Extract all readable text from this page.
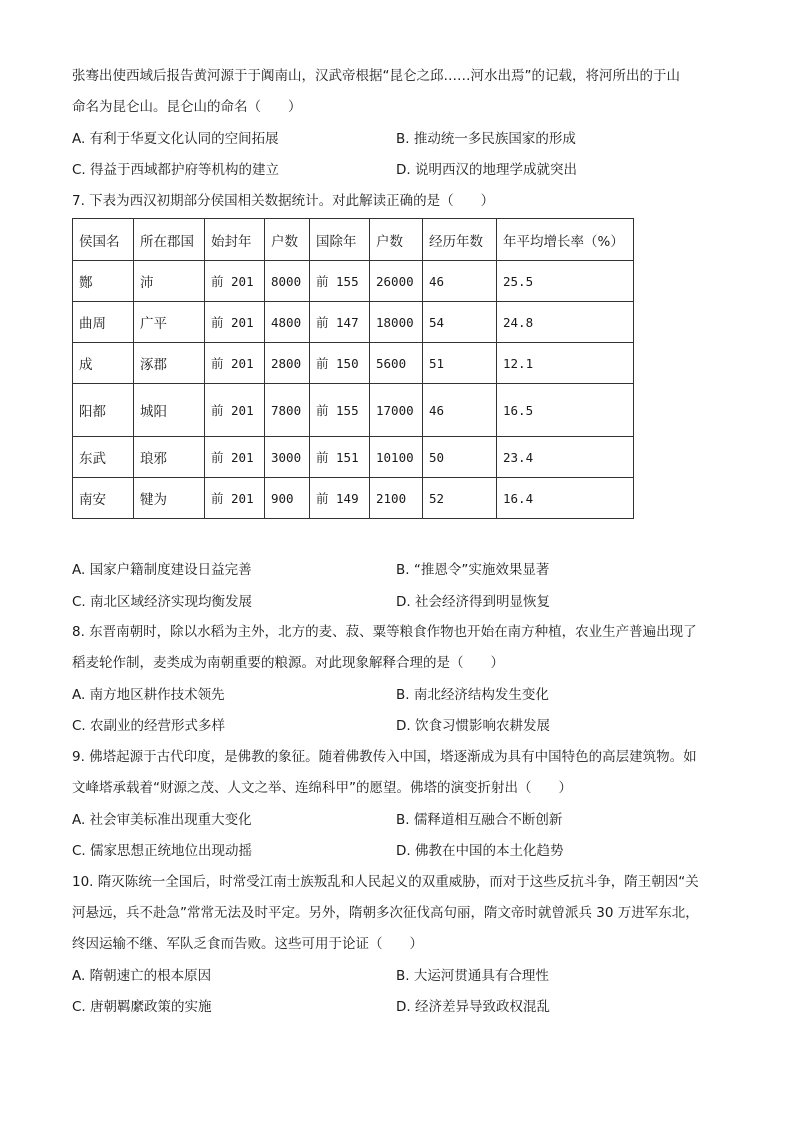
张骞出使西域后报告黄河源于于阗南山，汉武帝根据“昆仑之邱……河水出焉”的记载，将河所出的于山
命名为昆仑山。昆仑山的命名（　　）
A. 有利于华夏文化认同的空间拓展	B. 推动统一多民族国家的形成
C. 得益于西域都护府等机构的建立	D. 说明西汉的地理学成就突出
7. 下表为西汉初期部分侯国相关数据统计。对此解读正确的是（　　）
侯国名	所在郡国	始封年	户数	国除年	户数	经历年数	年平均增长率（%）
酂	沛	前 201	8000	前 155	26000	46	25.5
曲周	广平	前 201	4800	前 147	18000	54	24.8
成	涿郡	前 201	2800	前 150	5600	51	12.1
阳都	城阳	前 201	7800	前 155	17000	46	16.5
东武	琅邪	前 201	3000	前 151	10100	50	23.4
南安	犍为	前 201	900	前 149	2100	52	16.4
A. 国家户籍制度建设日益完善	B. “推恩令”实施效果显著
C. 南北区域经济实现均衡发展	D. 社会经济得到明显恢复
8. 东晋南朝时，除以水稻为主外，北方的麦、菽、粟等粮食作物也开始在南方种植，农业生产普遍出现了
稻麦轮作制，麦类成为南朝重要的粮源。对此现象解释合理的是（　　）
A. 南方地区耕作技术领先	B. 南北经济结构发生变化
C. 农副业的经营形式多样	D. 饮食习惯影响农耕发展
9. 佛塔起源于古代印度，是佛教的象征。随着佛教传入中国，塔逐渐成为具有中国特色的高层建筑物。如
文峰塔承载着“财源之茂、人文之举、连绵科甲”的愿望。佛塔的演变折射出（　　）
A. 社会审美标准出现重大变化	B. 儒释道相互融合不断创新
C. 儒家思想正统地位出现动摇	D. 佛教在中国的本土化趋势
10. 隋灭陈统一全国后，时常受江南士族叛乱和人民起义的双重威胁，而对于这些反抗斗争，隋王朝因“关
河悬远，兵不赴急”常常无法及时平定。另外，隋朝多次征伐高句丽，隋文帝时就曾派兵 30 万进军东北，
终因运输不继、军队乏食而告败。这些可用于论证（　　）
A. 隋朝速亡的根本原因	B. 大运河贯通具有合理性
C. 唐朝羁縻政策的实施	D. 经济差异导致政权混乱
